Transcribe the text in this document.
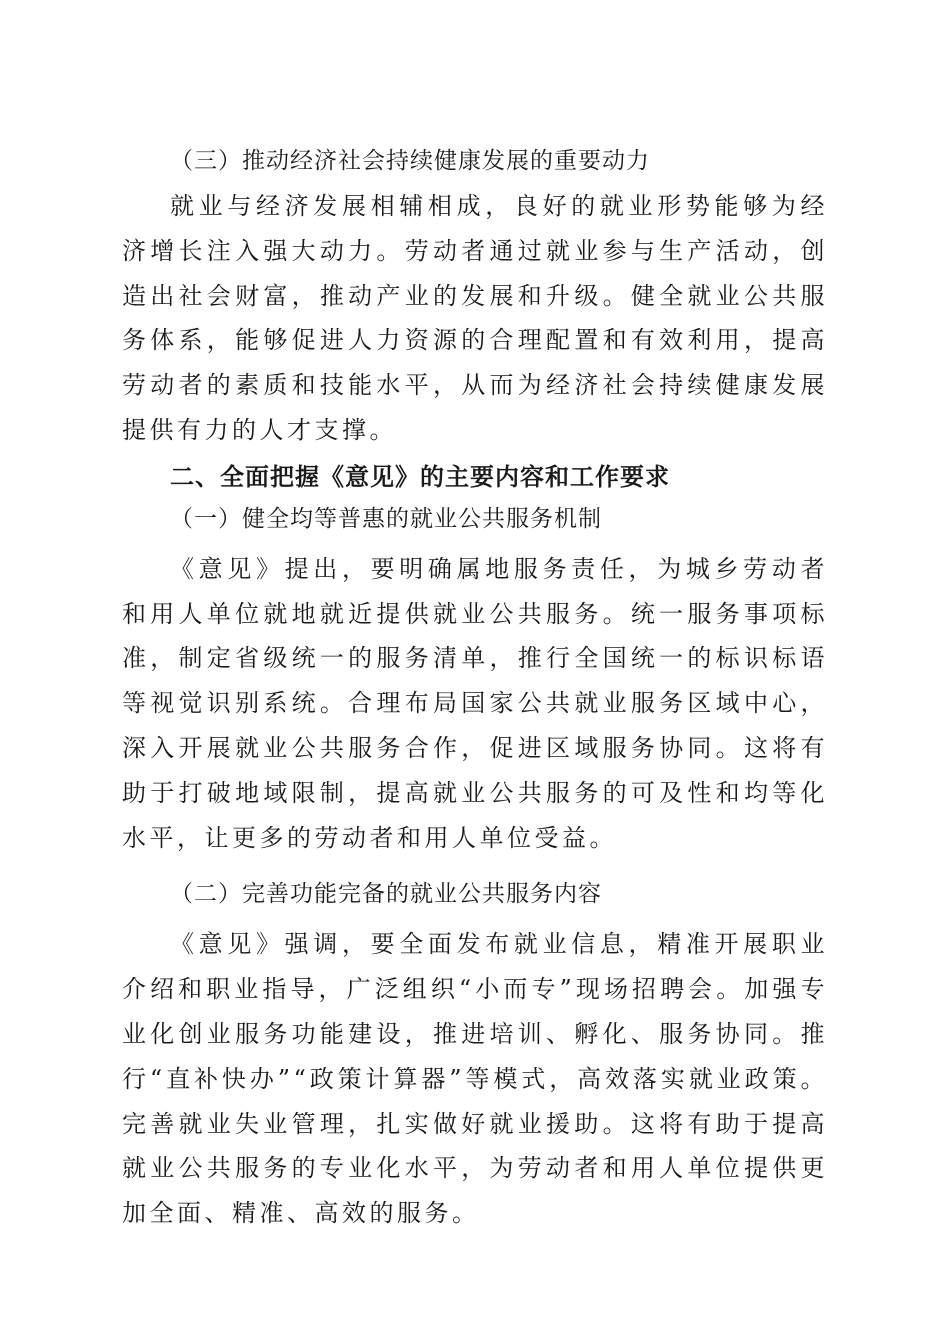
（三）推动经济社会持续健康发展的重要动力

就业与经济发展相辅相成，良好的就业形势能够为经济增长注入强大动力。劳动者通过就业参与生产活动，创造出社会财富，推动产业的发展和升级。健全就业公共服务体系，能够促进人力资源的合理配置和有效利用，提高劳动者的素质和技能水平，从而为经济社会持续健康发展提供有力的人才支撑。

二、全面把握《意见》的主要内容和工作要求

（一）健全均等普惠的就业公共服务机制

《意见》提出，要明确属地服务责任，为城乡劳动者和用人单位就地就近提供就业公共服务。统一服务事项标准，制定省级统一的服务清单，推行全国统一的标识标语等视觉识别系统。合理布局国家公共就业服务区域中心，深入开展就业公共服务合作，促进区域服务协同。这将有助于打破地域限制，提高就业公共服务的可及性和均等化水平，让更多的劳动者和用人单位受益。

（二）完善功能完备的就业公共服务内容

《意见》强调，要全面发布就业信息，精准开展职业介绍和职业指导，广泛组织“小而专”现场招聘会。加强专业化创业服务功能建设，推进培训、孵化、服务协同。推行“直补快办”“政策计算器”等模式，高效落实就业政策。完善就业失业管理，扎实做好就业援助。这将有助于提高就业公共服务的专业化水平，为劳动者和用人单位提供更加全面、精准、高效的服务。
